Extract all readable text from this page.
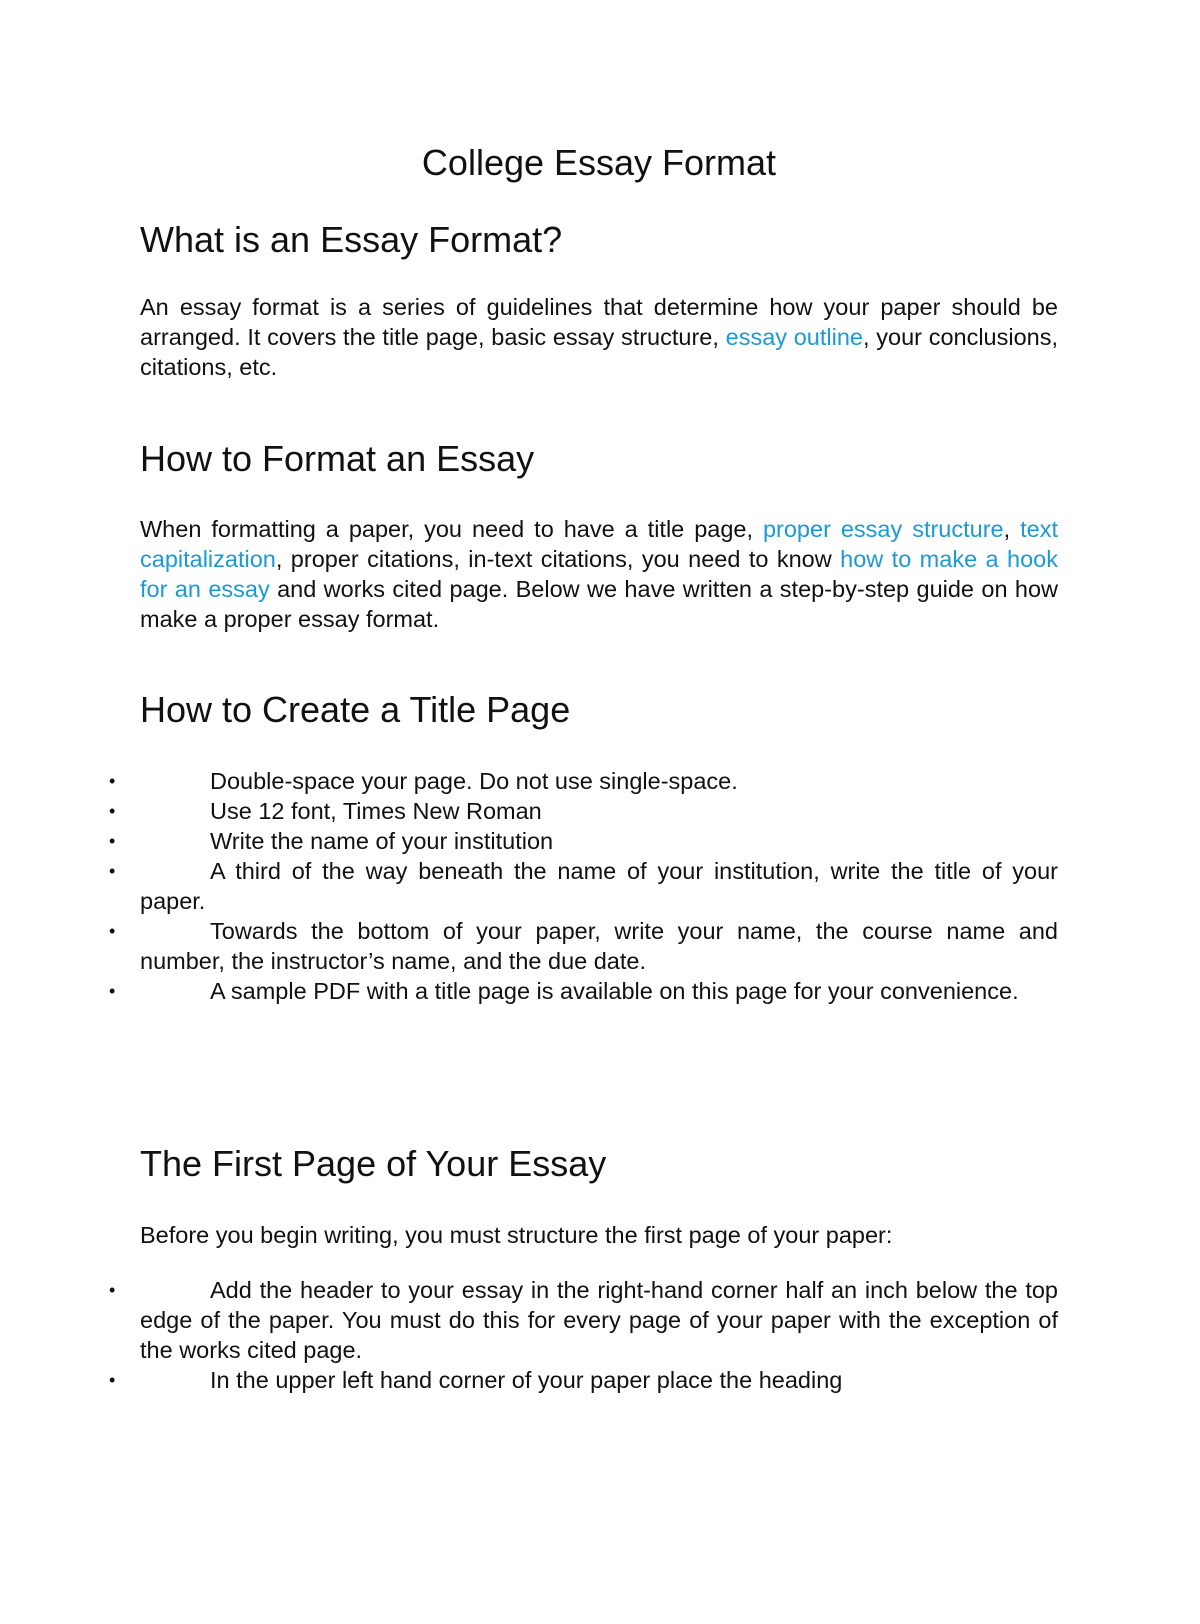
College Essay Format
What is an Essay Format?

An essay format is a series of guidelines that determine how your paper should be arranged. It covers the title page, basic essay structure, essay outline, your conclusions, citations, etc.

How to Format an Essay

When formatting a paper, you need to have a title page, proper essay structure, text capitalization, proper citations, in-text citations, you need to know how to make a hook for an essay and works cited page. Below we have written a step-by-step guide on how make a proper essay format.

How to Create a Title Page
•	Double-space your page. Do not use single-space.
•	Use 12 font, Times New Roman
•	Write the name of your institution
•	A third of the way beneath the name of your institution, write the title of your paper.
•	Towards the bottom of your paper, write your name, the course name and number, the instructor’s name, and the due date.
•	A sample PDF with a title page is available on this page for your convenience.
The First Page of Your Essay

Before you begin writing, you must structure the first page of your paper:

•	Add the header to your essay in the right-hand corner half an inch below the top edge of the paper. You must do this for every page of your paper with the exception of the works cited page.
•	In the upper left hand corner of your paper place the heading
